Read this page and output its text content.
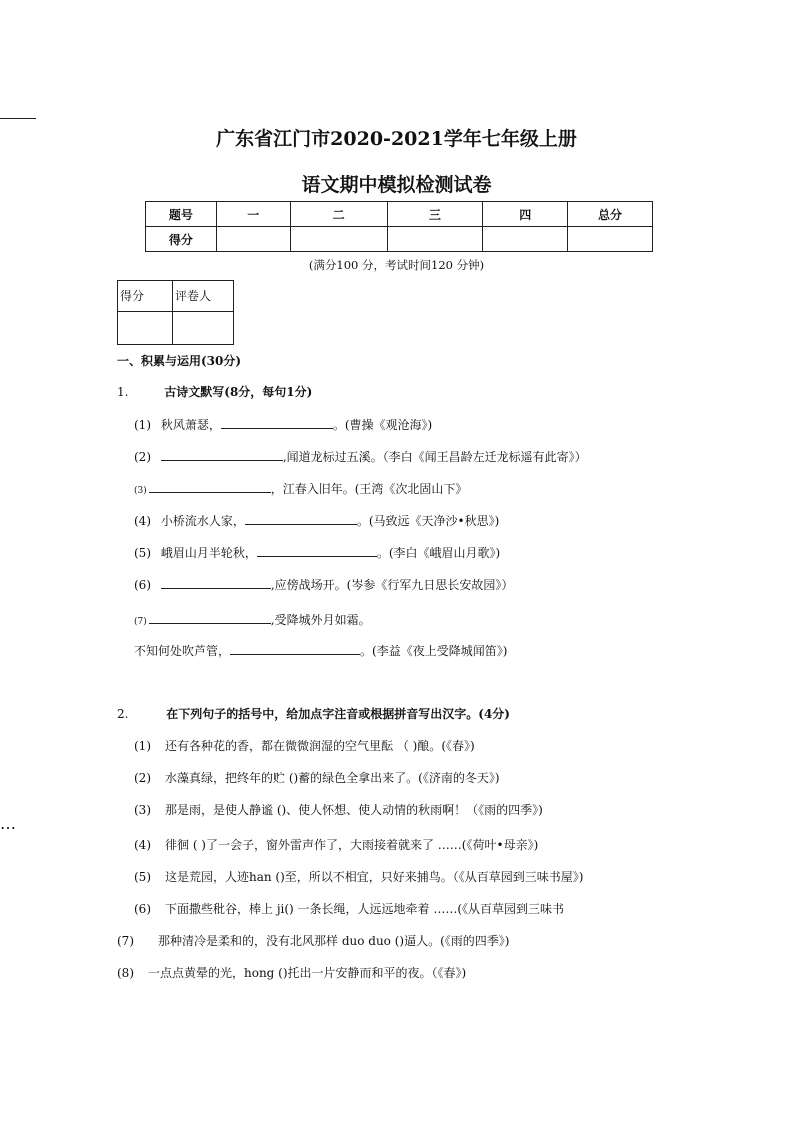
⋯
广东省江门市2020-2021学年七年级上册
语文期中模拟检测试卷
题号	一	二	三	四	总分
得分					
(满分100 分，考试时间120 分钟)
得分	评卷人

一、积累与运用(30分)
1.	古诗文默写(8分，每句1分)
(1) 秋风萧瑟，	。(曹操《观沧海》)
(2)	,闻道龙标过五溪。（李白《闻王昌龄左迁龙标遥有此寄》）
(3)	，江春入旧年。(王湾《次北固山下》
(4) 小桥流水人家，	。(马致远《天净沙•秋思》)
(5) 峨眉山月半轮秋，	。(李白《峨眉山月歌》)
(6)	,应傍战场开。(岑参《行军九日思长安故园》）
(7)	,受降城外月如霜。
不知何处吹芦管，	。(李益《夜上受降城闻笛》)
2.	在下列句子的括号中，给加点字注音或根据拼音写出汉字。(4分)
(1) 还有各种花的香，都在微微润湿的空气里酝 （ )酿。(《春》)
(2) 水藻真绿，把终年的贮 ()蓄的绿色全拿出来了。(《济南的冬天》)
(3) 那是雨，是使人静谧 ()、使人怀想、使人动情的秋雨啊！（《雨的四季》)
(4) 徘徊 ( )了一会子，窗外雷声作了，大雨接着就来了 ……(《荷叶•母亲》)
(5) 这是荒园，人迹han ()至，所以不相宜，只好来捕鸟。（《从百草园到三味书屋》)
(6) 下面撒些秕谷，棒上 ji() 一条长绳，人远远地牵着 ……(《从百草园到三味书
(7) 那种清冷是柔和的，没有北风那样 duo duo ()逼人。(《雨的四季》)
(8) 一点点黄晕的光，hong ()托出一片安静而和平的夜。（《春》)
